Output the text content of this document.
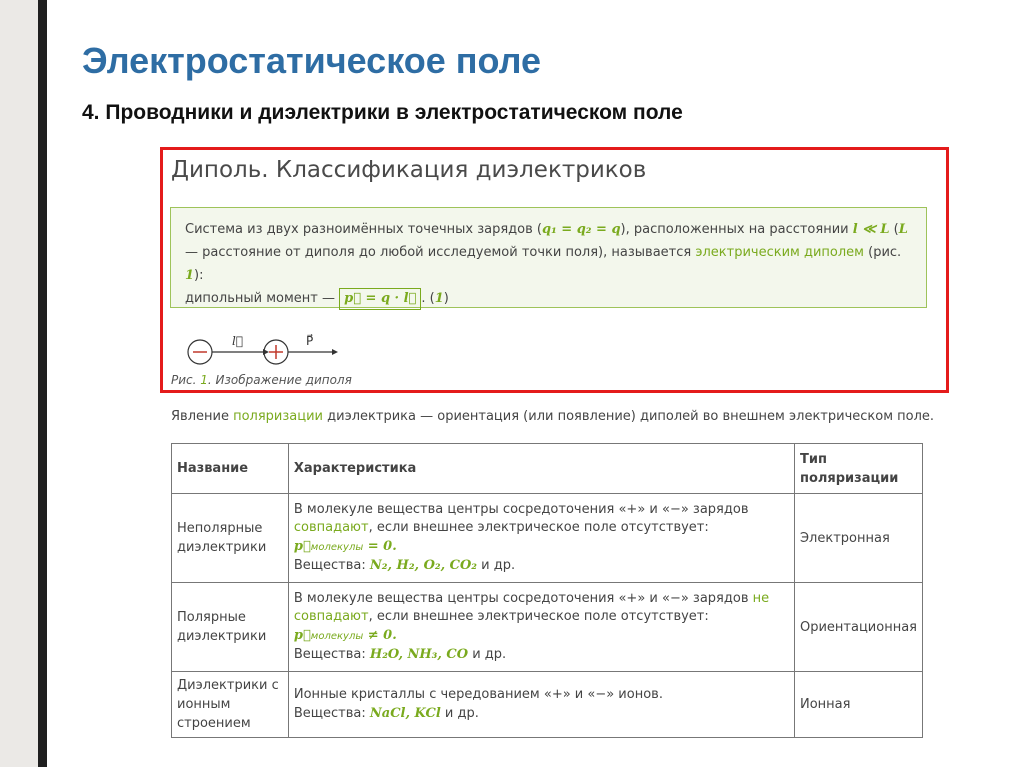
Электростатическое поле
4. Проводники и диэлектрики в электростатическом поле
Диполь. Классификация диэлектриков
Система из двух разноимённых точечных зарядов (q₁ = q₂ = q), расположенных на расстоянии l ≪ L (L
— расстояние от диполя до любой исследуемой точки поля), называется электрическим диполем (рис. 1):
дипольный момент — p⃗ = q · l⃗ . (1)
l⃗	P⃗
Рис. 1. Изображение диполя
Явление поляризации диэлектрика — ориентация (или появление) диполей во внешнем электрическом поле.
Название	Характеристика	Тип поляризации
Неполярные диэлектрики	В молекуле вещества центры сосредоточения «+» и «−» зарядов
совпадают, если внешнее электрическое поле отсутствует:
p⃗молекулы = 0.
Вещества: N₂, H₂, O₂, CO₂ и др.	Электронная
Полярные диэлектрики	В молекуле вещества центры сосредоточения «+» и «−» зарядов не совпадают, если внешнее электрическое поле отсутствует:
p⃗молекулы ≠ 0.
Вещества: H₂O, NH₃, CO и др.	Ориентационная
Диэлектрики с ионным строением	Ионные кристаллы с чередованием «+» и «−» ионов.
Вещества: NaCl, KCl и др.	Ионная
